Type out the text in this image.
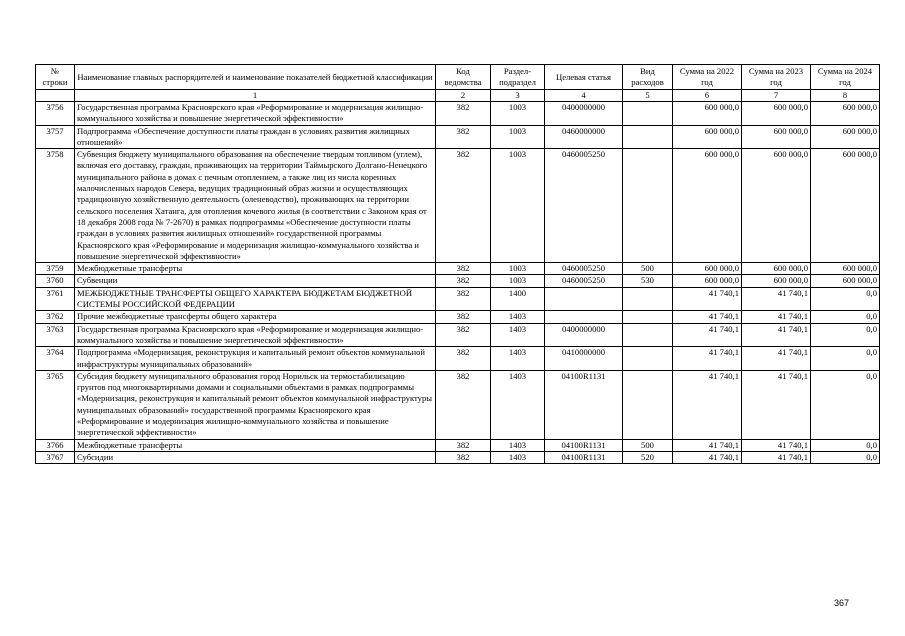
№ строки	Наименование главных распорядителей и наименование показателей бюджетной классификации	Код ведомства	Раздел-подраздел	Целевая статья	Вид расходов	Сумма на 2022 год	Сумма на 2023 год	Сумма на 2024 год
	1	2	3	4	5	6	7	8
3756	Государственная программа Красноярского края «Реформирование и модернизация жилищно-коммунального хозяйства и повышение энергетической эффективности»	382	1003	0400000000		600 000,0	600 000,0	600 000,0
3757	Подпрограмма «Обеспечение доступности платы граждан в условиях развития жилищных отношений»	382	1003	0460000000		600 000,0	600 000,0	600 000,0
3758	Субвенция бюджету муниципального образования на обеспечение твердым топливом (углем), включая его доставку, граждан, проживающих на территории Таймырского Долгано-Ненецкого муниципального района в домах с печным отоплением, а также лиц из числа коренных малочисленных народов Севера, ведущих традиционный образ жизни и осуществляющих традиционную хозяйственную деятельность (оленеводство), проживающих на территории сельского поселения Хатанга, для отопления кочевого жилья (в соответствии с Законом края от 18 декабря 2008 года № 7-2670) в рамках подпрограммы «Обеспечение доступности платы граждан в условиях развития жилищных отношений» государственной программы Красноярского края «Реформирование и модернизация жилищно-коммунального хозяйства и повышение энергетической эффективности»	382	1003	0460005250		600 000,0	600 000,0	600 000,0
3759	Межбюджетные трансферты	382	1003	0460005250	500	600 000,0	600 000,0	600 000,0
3760	Субвенции	382	1003	0460005250	530	600 000,0	600 000,0	600 000,0
3761	МЕЖБЮДЖЕТНЫЕ ТРАНСФЕРТЫ ОБЩЕГО ХАРАКТЕРА БЮДЖЕТАМ БЮДЖЕТНОЙ СИСТЕМЫ РОССИЙСКОЙ ФЕДЕРАЦИИ	382	1400			41 740,1	41 740,1	0,0
3762	Прочие межбюджетные трансферты общего характера	382	1403			41 740,1	41 740,1	0,0
3763	Государственная программа Красноярского края «Реформирование и модернизация жилищно-коммунального хозяйства и повышение энергетической эффективности»	382	1403	0400000000		41 740,1	41 740,1	0,0
3764	Подпрограмма «Модернизация, реконструкция и капитальный ремонт объектов коммунальной инфраструктуры муниципальных образований»	382	1403	0410000000		41 740,1	41 740,1	0,0
3765	Субсидия бюджету муниципального образования город Норильск на термостабилизацию грунтов под многоквартирными домами и социальными объектами в рамках подпрограммы «Модернизация, реконструкция и капитальный ремонт объектов коммунальной инфраструктуры муниципальных образований» государственной программы Красноярского края «Реформирование и модернизация жилищно-коммунального хозяйства и повышение энергетической эффективности»	382	1403	04100R1131		41 740,1	41 740,1	0,0
3766	Межбюджетные трансферты	382	1403	04100R1131	500	41 740,1	41 740,1	0,0
3767	Субсидии	382	1403	04100R1131	520	41 740,1	41 740,1	0,0
367
